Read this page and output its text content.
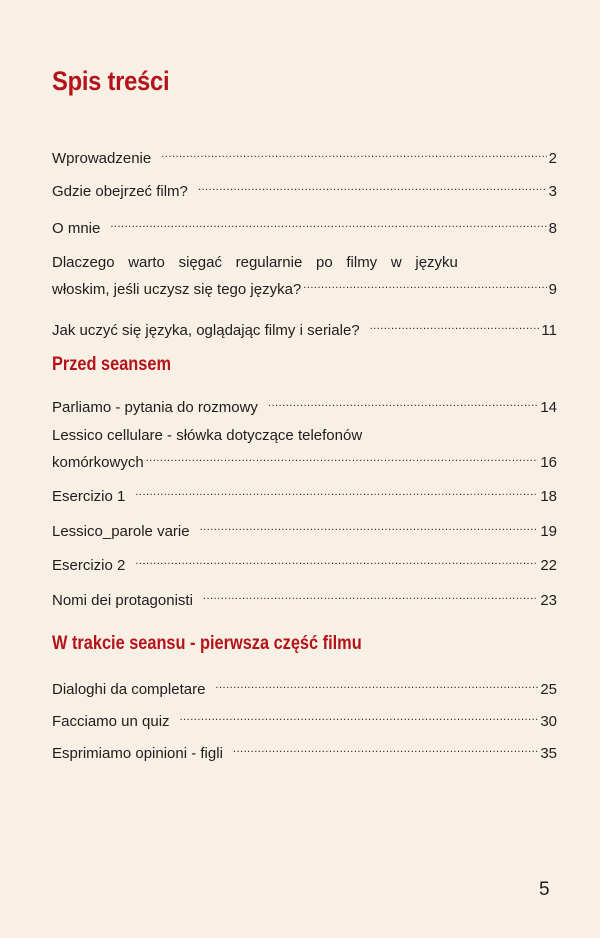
Spis treści
Wprowadzenie .....	2
Gdzie obejrzeć film? .....	3
O mnie .....	8
Dlaczego warto sięgać regularnie po filmy w języku
włoskim, jeśli uczysz się tego języka? .....	9
Jak uczyć się języka, oglądając filmy i seriale? .....	11
Przed seansem
Parliamo - pytania do rozmowy .....	14
Lessico cellulare - słówka dotyczące telefonów
komórkowych .....	16
Esercizio 1 .....	18
Lessico_parole varie .....	19
Esercizio 2 .....	22
Nomi dei protagonisti .....	23
W trakcie seansu - pierwsza część filmu
Dialoghi da completare .....	25
Facciamo un quiz .....	30
Esprimiamo opinioni - figli .....	35
5
